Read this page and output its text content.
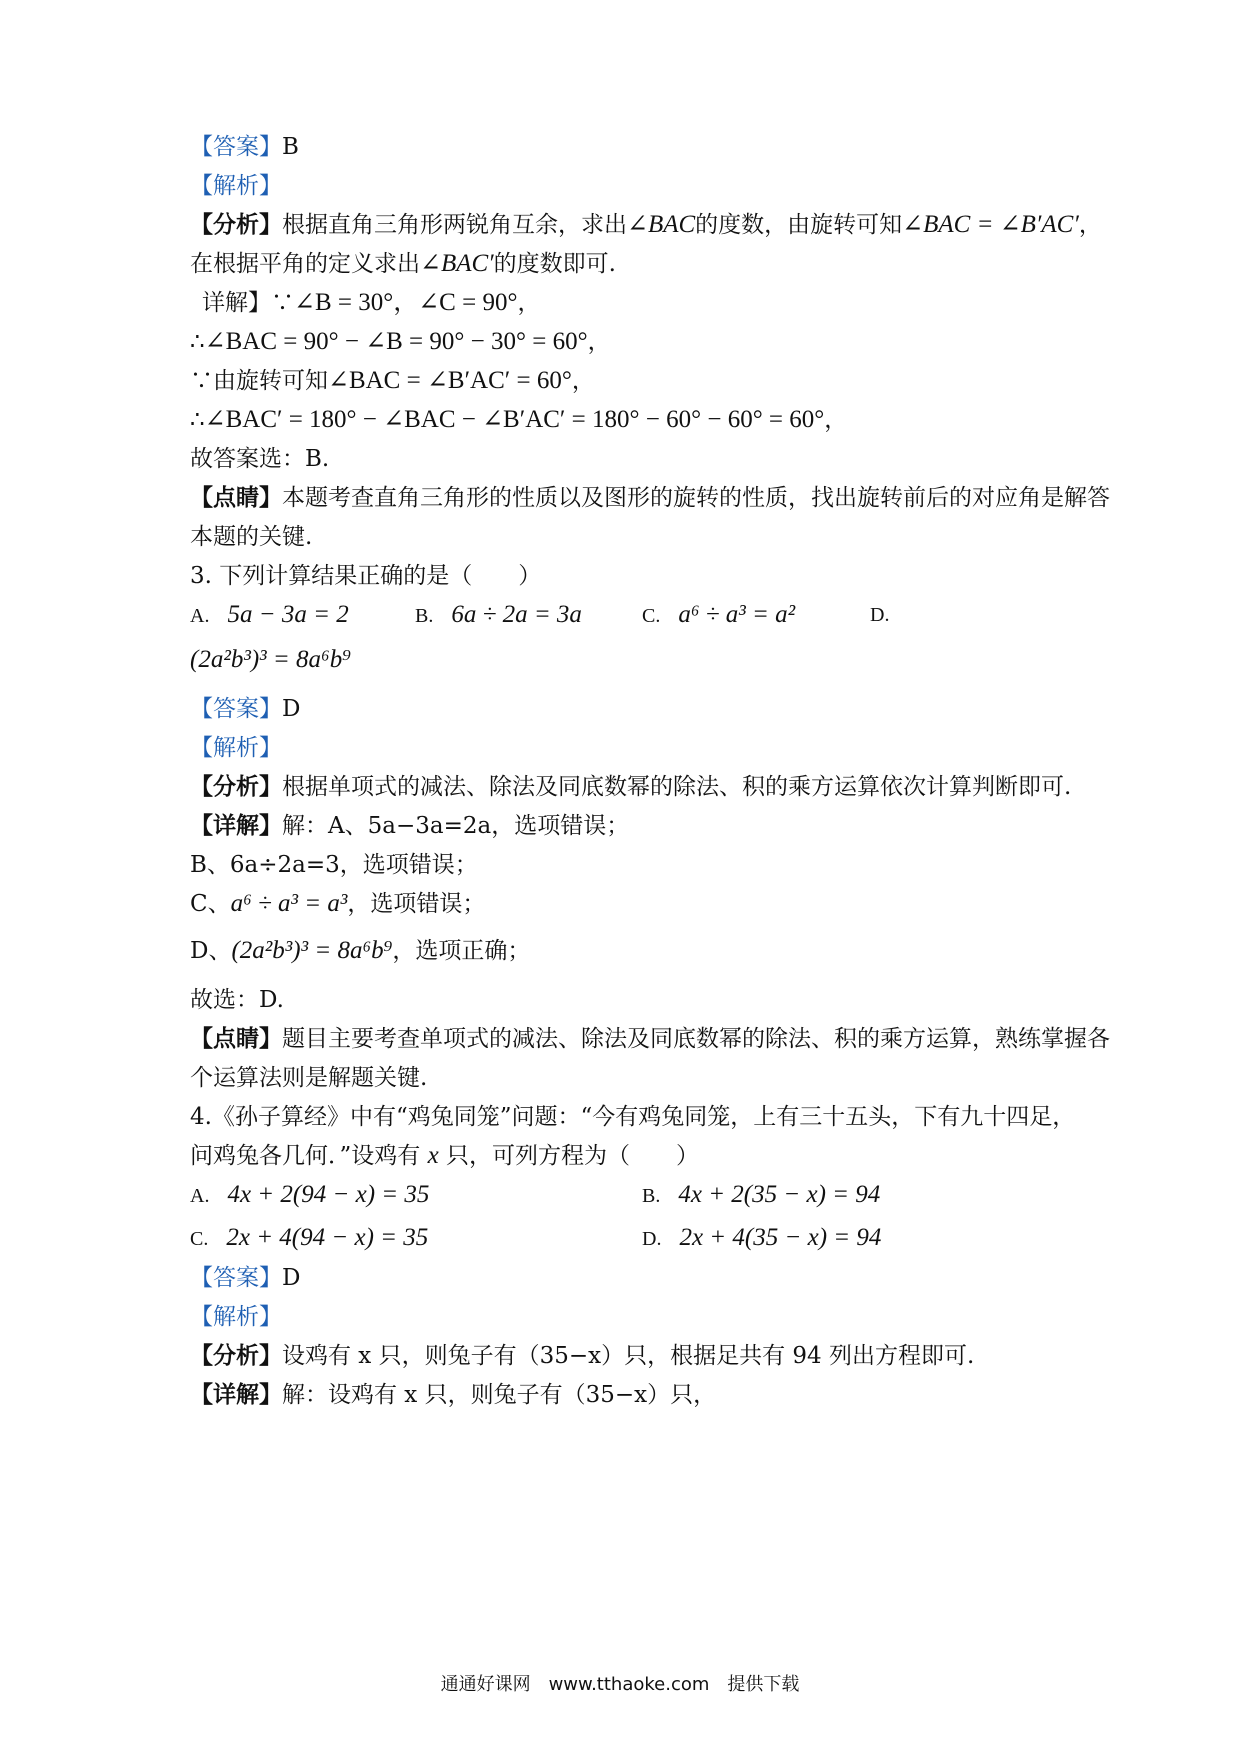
【答案】B
【解析】
【分析】根据直角三角形两锐角互余，求出∠BAC的度数，由旋转可知∠BAC = ∠B′AC′，
在根据平角的定义求出∠BAC′的度数即可.
详解】∵∠B = 30°，∠C = 90°，
∴∠BAC = 90° − ∠B = 90° − 30° = 60°，
∵由旋转可知∠BAC = ∠B′AC′ = 60°，
∴∠BAC′ = 180° − ∠BAC − ∠B′AC′ = 180° − 60° − 60° = 60°，
故答案选：B.
【点睛】本题考查直角三角形的性质以及图形的旋转的性质，找出旋转前后的对应角是解答
本题的关键.
3. 下列计算结果正确的是（　　）
A. 5a − 3a = 2	B. 6a ÷ 2a = 3a	C. a⁶ ÷ a³ = a²	D.
(2a²b³)³ = 8a⁶b⁹
【答案】D
【解析】
【分析】根据单项式的减法、除法及同底数幂的除法、积的乘方运算依次计算判断即可.
【详解】解：A、5a−3a=2a，选项错误；
B、6a÷2a=3，选项错误；
C、a⁶ ÷ a³ = a³，选项错误；
D、(2a²b³)³ = 8a⁶b⁹，选项正确；
故选：D.
【点睛】题目主要考查单项式的减法、除法及同底数幂的除法、积的乘方运算，熟练掌握各
个运算法则是解题关键.
4.《孙子算经》中有“鸡兔同笼”问题：“今有鸡兔同笼，上有三十五头，下有九十四足，
问鸡兔各几何．”设鸡有 x 只，可列方程为（　　）
A. 4x + 2(94 − x) = 35	B. 4x + 2(35 − x) = 94
C. 2x + 4(94 − x) = 35	D. 2x + 4(35 − x) = 94
【答案】D
【解析】
【分析】设鸡有 x 只，则兔子有（35−x）只，根据足共有 94 列出方程即可.
【详解】解：设鸡有 x 只，则兔子有（35−x）只，
通通好课网　www.tthaoke.com　提供下载
